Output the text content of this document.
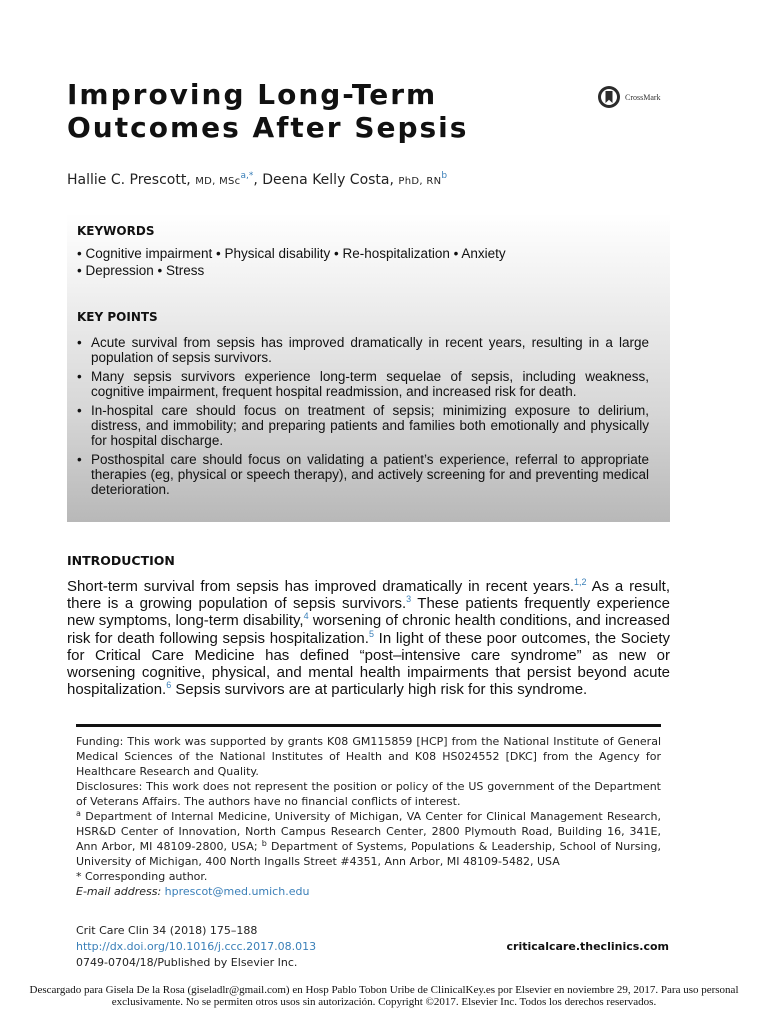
Improving Long-Term
Outcomes After Sepsis
CrossMark
Hallie C. Prescott, MD, MSc$^{a,*}$, Deena Kelly Costa, PhD, $RN^b$
KEYWORDS
• Cognitive impairment • Physical disability • Re-hospitalization • Anxiety
• Depression • Stress
KEY POINTS
• Acute survival from sepsis has improved dramatically in recent years, resulting in a large population of sepsis survivors.
• Many sepsis survivors experience long-term sequelae of sepsis, including weakness, cognitive impairment, frequent hospital readmission, and increased risk for death.
• In-hospital care should focus on treatment of sepsis; minimizing exposure to delirium, distress, and immobility; and preparing patients and families both emotionally and physically for hospital discharge.
• Posthospital care should focus on validating a patient’s experience, referral to appropriate therapies (eg, physical or speech therapy), and actively screening for and preventing medical deterioration.
INTRODUCTION

Short-term survival from sepsis has improved dramatically in recent years.$^{1,2}$ As a result, there is a growing population of sepsis survivors.$^3$ These patients frequently experience new symptoms, long-term disability,$^4$ worsening of chronic health conditions, and increased risk for death following sepsis hospitalization.$^5$ In light of these poor outcomes, the Society for Critical Care Medicine has defined “post–intensive care syndrome” as new or worsening cognitive, physical, and mental health impairments that persist beyond acute hospitalization.$^6$ Sepsis survivors are at particularly high risk for this syndrome.

Funding: This work was supported by grants K08 GM115859 [HCP] from the National Institute of General Medical Sciences of the National Institutes of Health and K08 HS024552 [DKC] from the Agency for Healthcare Research and Quality.
Disclosures: This work does not represent the position or policy of the US government of the Department of Veterans Affairs. The authors have no financial conflicts of interest.
$^a$ Department of Internal Medicine, University of Michigan, VA Center for Clinical Management Research, HSR&D Center of Innovation, North Campus Research Center, 2800 Plymouth Road, Building 16, 341E, Ann Arbor, MI 48109-2800, USA; $^b$ Department of Systems, Populations & Leadership, School of Nursing, University of Michigan, 400 North Ingalls Street #4351, Ann Arbor, MI 48109-5482, USA
* Corresponding author.
E-mail address: hprescot@med.umich.edu
Crit Care Clin 34 (2018) 175–188
http://dx.doi.org/10.1016/j.ccc.2017.08.013
0749-0704/18/Published by Elsevier Inc.
criticalcare.theclinics.com
Descargado para Gisela De la Rosa (giseladlr@gmail.com) en Hosp Pablo Tobon Uribe de ClinicalKey.es por Elsevier en noviembre 29, 2017. Para uso personal exclusivamente. No se permiten otros usos sin autorización. Copyright ©2017. Elsevier Inc. Todos los derechos reservados.
